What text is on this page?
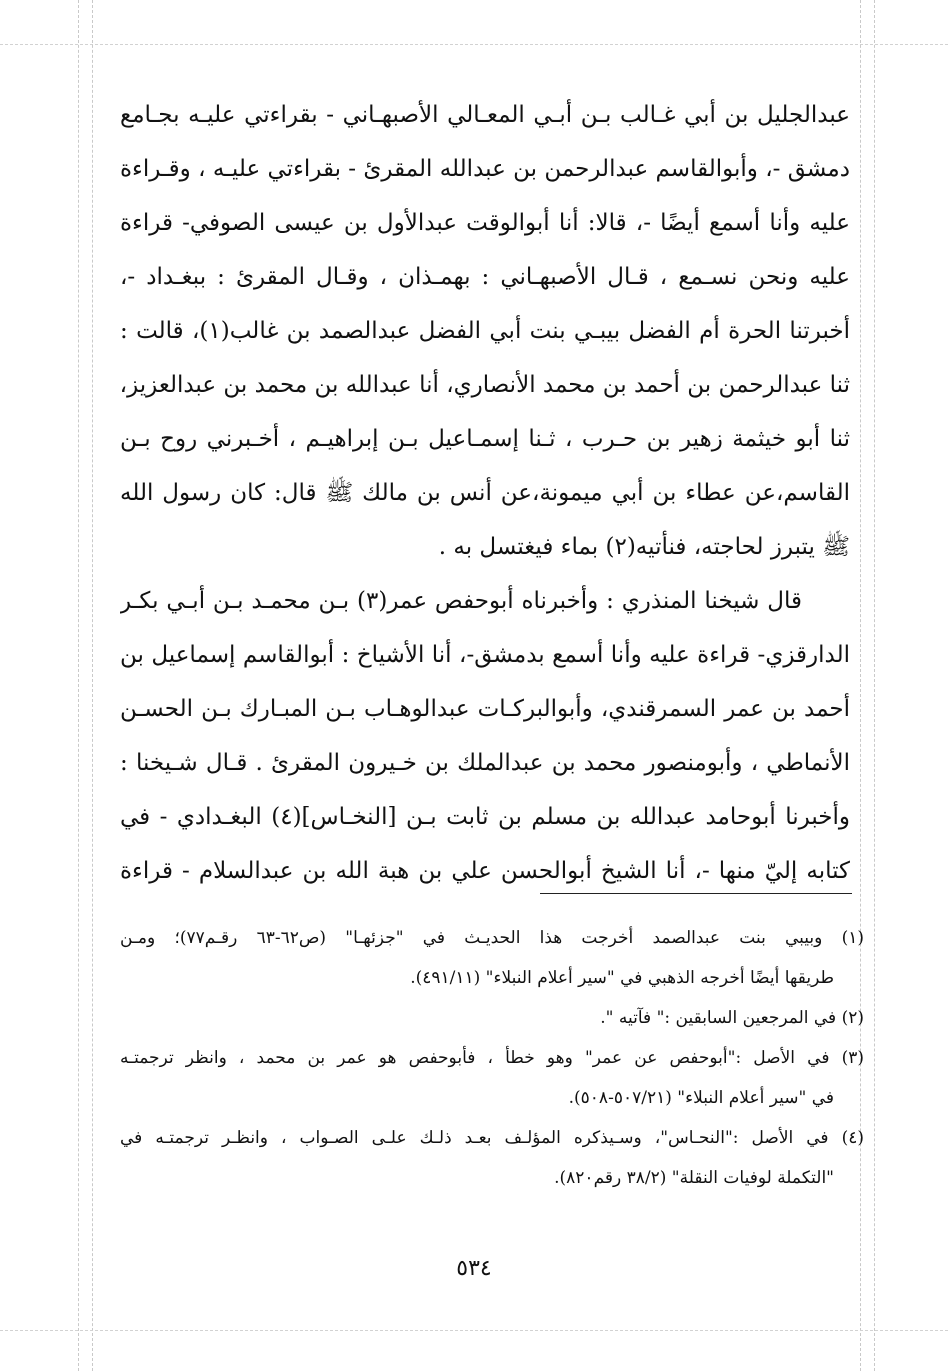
عبدالجليل بن أبي غـالب بـن أبـي المعـالي الأصبهـاني - بقراءتي عليـه بجـامع
دمشق -، وأبوالقاسم عبدالرحمن بن عبدالله المقرئ - بقراءتي عليـه ، وقـراءة
عليه وأنا أسمع أيضًا -، قالا: أنا أبوالوقت عبدالأول بن عيسى الصوفي- قراءة
عليه ونحن نسـمع ، قـال الأصبهـاني : بهمـذان ، وقـال المقرئ : ببغـداد -،
أخبرتنا الحرة أم الفضل بيبـي بنت أبي الفضل عبدالصمد بن غالب(١)، قالت :
ثنا عبدالرحمن بن أحمد بن محمد الأنصاري، أنا عبدالله بن محمد بن عبدالعزيز،
ثنا أبو خيثمة زهير بن حـرب ، ثـنا إسمـاعيل بـن إبراهيـم ، أخـبرني روح بـن
القاسم،عن عطاء بن أبي ميمونة،عن أنس بن مالك ﷺ قال: كان رسول الله
ﷺ يتبرز لحاجته، فنأتيه(٢) بماء فيغتسل به .
قال شيخنا المنذري : وأخبرناه أبوحفص عمر(٣) بـن محمـد بـن أبـي بكـر
الدارقزي- قراءة عليه وأنا أسمع بدمشق-، أنا الأشياخ : أبوالقاسم إسماعيل بن
أحمد بن عمر السمرقندي، وأبوالبركـات عبدالوهـاب بـن المبـارك بـن الحسـن
الأنماطي ، وأبومنصور محمد بن عبدالملك بن خـيرون المقرئ . قـال شـيخنا :
وأخبرنا أبوحامد عبدالله بن مسلم بن ثابت بـن [النخـاس](٤) البغـدادي - في
كتابه إليّ منها -، أنا الشيخ أبوالحسن علي بن هبة الله بن عبدالسلام - قراءة
(١) وبيبي بنت عبدالصمد أخرجت هذا الحديـث في "جزئهـا" (ص٦٢-٦٣ رقـم٧٧)؛ ومـن
طريقها أيضًا أخرجه الذهبي في "سير أعلام النبلاء" (٤٩١/١١).
(٢) في المرجعين السابقين :" فآتيه ".
(٣) في الأصل :"أبوحفص عن عمر" وهو خطأ ، فأبوحفص هو عمر بن محمد ، وانظر ترجمتـه
في "سير أعلام النبلاء" (٥٠٧/٢١-٥٠٨).
(٤) في الأصل :"النحـاس"، وسـيذكره المؤلـف بعـد ذلـك علـى الصـواب ، وانظـر ترجمتـه في
"التكملة لوفيات النقلة" (٣٨/٢ رقم٨٢٠).
٥٣٤
